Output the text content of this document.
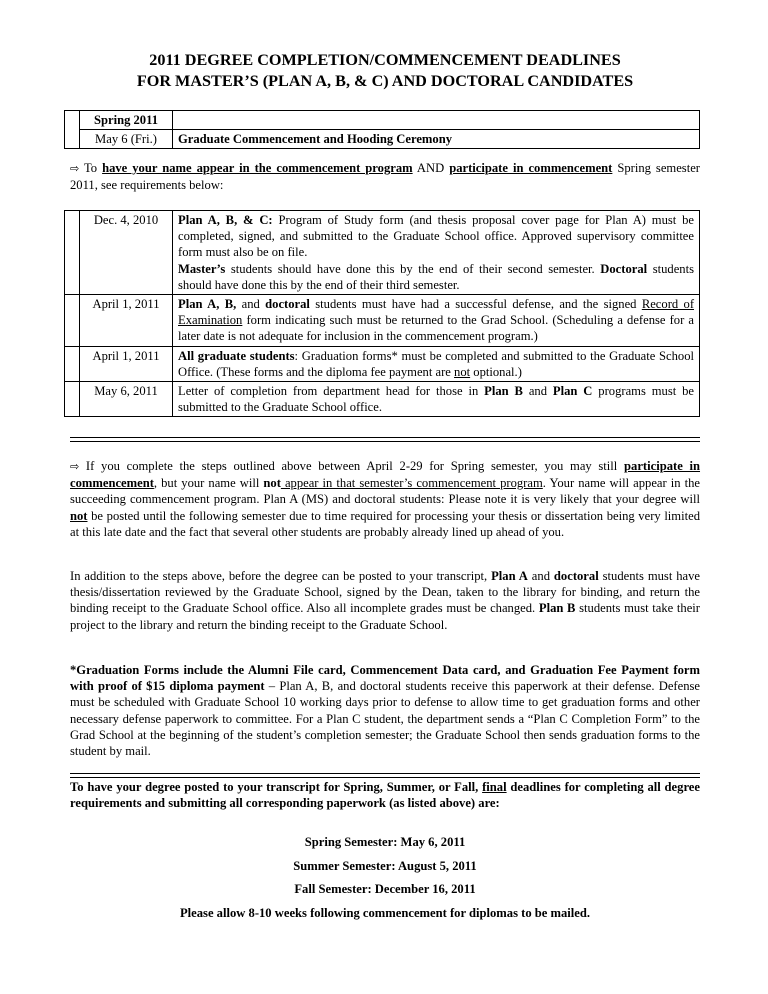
2011 DEGREE COMPLETION/COMMENCEMENT DEADLINES
FOR MASTER’S (PLAN A, B, & C) AND DOCTORAL CANDIDATES
	Spring 2011	
	May 6 (Fri.)	Graduate Commencement and Hooding Ceremony

⇨ To have your name appear in the commencement program AND participate in commencement Spring semester 2011, see requirements below:

	Dec. 4, 2010	Plan A, B, & C: Program of Study form (and thesis proposal cover page for Plan A) must be completed, signed, and submitted to the Graduate School office. Approved supervisory committee form must also be on file.
Master’s students should have done this by the end of their second semester. Doctoral students should have done this by the end of their third semester.
	April 1, 2011	Plan A, B, and doctoral students must have had a successful defense, and the signed Record of Examination form indicating such must be returned to the Grad School. (Scheduling a defense for a later date is not adequate for inclusion in the commencement program.)
	April 1, 2011	All graduate students: Graduation forms* must be completed and submitted to the Graduate School Office. (These forms and the diploma fee payment are not optional.)
	May 6, 2011	Letter of completion from department head for those in Plan B and Plan C programs must be submitted to the Graduate School office.

⇨ If you complete the steps outlined above between April 2-29 for Spring semester, you may still participate in commencement, but your name will not appear in that semester’s commencement program. Your name will appear in the succeeding commencement program. Plan A (MS) and doctoral students: Please note it is very likely that your degree will not be posted until the following semester due to time required for processing your thesis or dissertation being very limited at this late date and the fact that several other students are probably already lined up ahead of you.

In addition to the steps above, before the degree can be posted to your transcript, Plan A and doctoral students must have thesis/dissertation reviewed by the Graduate School, signed by the Dean, taken to the library for binding, and return the binding receipt to the Graduate School office. Also all incomplete grades must be changed. Plan B students must take their project to the library and return the binding receipt to the Graduate School.

*Graduation Forms include the Alumni File card, Commencement Data card, and Graduation Fee Payment form with proof of $15 diploma payment – Plan A, B, and doctoral students receive this paperwork at their defense. Defense must be scheduled with Graduate School 10 working days prior to defense to allow time to get graduation forms and other necessary defense paperwork to committee. For a Plan C student, the department sends a “Plan C Completion Form” to the Grad School at the beginning of the student’s completion semester; the Graduate School then sends graduation forms to the student by mail.

To have your degree posted to your transcript for Spring, Summer, or Fall, final deadlines for completing all degree requirements and submitting all corresponding paperwork (as listed above) are:

Spring Semester: May 6, 2011

Summer Semester: August 5, 2011

Fall Semester: December 16, 2011

Please allow 8-10 weeks following commencement for diplomas to be mailed.
